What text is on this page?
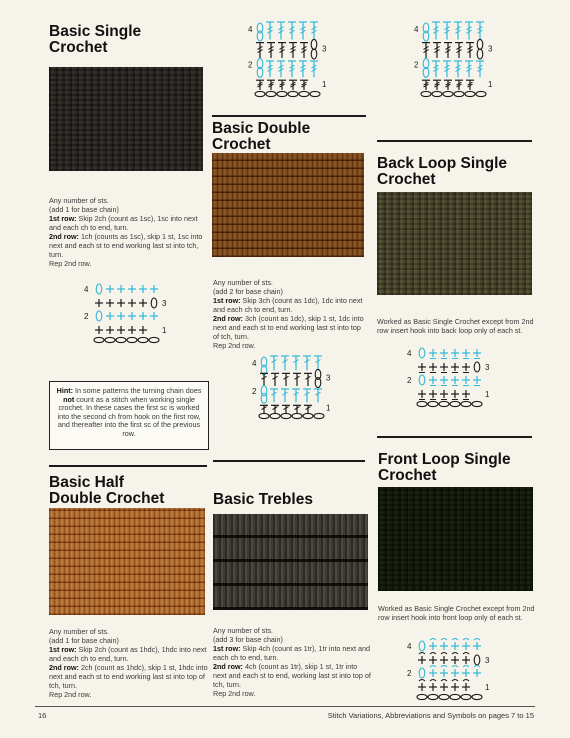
Basic Single
Crochet

Any number of sts.

(add 1 for base chain)

1st row: Skip 2ch (count as 1sc), 1sc into next and each ch to end, turn.

2nd row: 1ch (counts as 1sc), skip 1 st, 1sc into next and each st to end working last st into tch, turn.

Rep 2nd row.

4
3
2
1
Hint: In some patterns the turning chain does not count as a stitch when working single crochet. In these cases the first sc is worked into the second ch from hook on the first row, and thereafter into the first sc of the previous row.
4
3
2
1
Basic Double
Crochet

Any number of sts.

(add 2 for base chain)

1st row: Skip 3ch (count as 1dc), 1dc into next and each ch to end, turn.

2nd row: 3ch (count as 1dc), skip 1 st, 1dc into next and each st to end working last st into top of tch, turn.

Rep 2nd row.

4
3
2
1
4
3
2
1
Back Loop Single
Crochet
Worked as Basic Single Crochet except from 2nd row insert hook into back loop only of each st.
4
3
2
1
Basic Half
Double Crochet

Any number of sts.

(add 1 for base chain)

1st row: Skip 2ch (count as 1hdc), 1hdc into next and each ch to end, turn.

2nd row: 2ch (count as 1hdc), skip 1 st, 1hdc into next and each st to end working last st into top of tch, turn.

Rep 2nd row.

Basic Trebles

Any number of sts.

(add 3 for base chain)

1st row: Skip 4ch (count as 1tr), 1tr into next and each ch to end, turn.

2nd row: 4ch (count as 1tr), skip 1 st, 1tr into next and each st to end, working last st into top of tch, turn.

Rep 2nd row.

Front Loop Single
Crochet
Worked as Basic Single Crochet except from 2nd row insert hook into front loop only of each st.
4
3
2
1
16	Stitch Variations, Abbreviations and Symbols on pages 7 to 15
